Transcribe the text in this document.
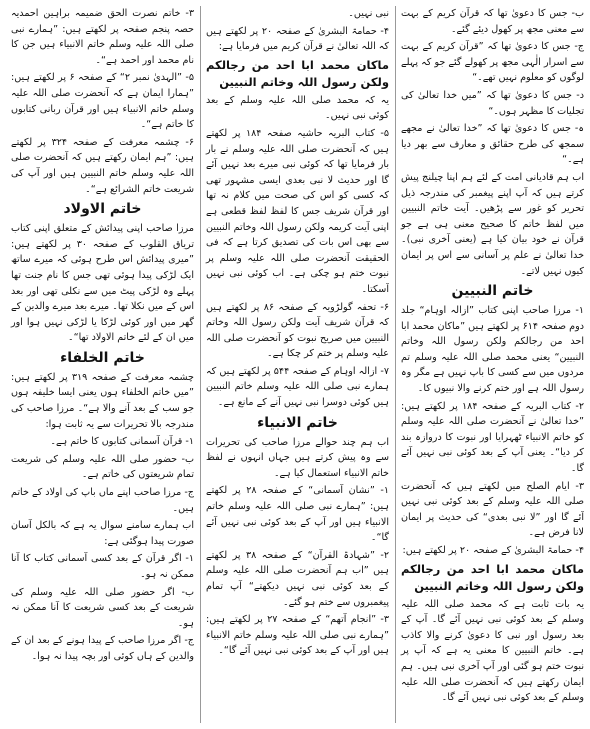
ب- جس کا دعویٰ تھا کہ قرآن کریم کے بہت سے معنی مجھ پر کھول دیئے گئے۔
ج- جس کا دعویٰ تھا کہ ”قرآن کریم کے بہت سے اسرار الٰہی مجھ پر کھولے گئے جو کہ پہلے لوگوں کو معلوم نہیں تھے۔“
د- جس کا دعویٰ تھا کہ ”میں خدا تعالیٰ کی تجلیات کا مظہر ہوں۔“
ہ- جس کا دعویٰ تھا کہ ”خدا تعالیٰ نے مجھے سمجھ کی طرح حقائق و معارف سے بھر دیا ہے۔“
اب ہم قادیانی امت کے لئے ہم اپنا چیلنج پیش کرتے ہیں کہ آپ اپنے پیغمبر کی مندرجہ ذیل تحریر کو غور سے پڑھیں۔ آیت خاتم النبیین میں لفظ خاتم کا صحیح معنی ہی ہے جو قرآن نے خود بیان کیا ہے (یعنی آخری نبی)۔ خدا تعالیٰ نے علم پر آسانی سے اس پر ایمان کیوں نہیں لاتے۔
خاتم النبیین
۱- مرزا صاحب اپنی کتاب ”ازالہ اوہام“ جلد دوم صفحہ ۶۱۴ پر لکھتے ہیں ”ماکان محمد ابا احد من رجالکم ولکن رسول اللہ وخاتم النبیین“ یعنی محمد صلی اللہ علیہ وسلم تم مردوں میں سے کسی کا باپ نہیں ہے مگر وہ رسول اللہ ہے اور ختم کرنے والا نبیوں کا۔
۲- کتاب البریہ کے صفحہ ۱۸۴ پر لکھتے ہیں: ”خدا تعالیٰ نے آنحضرت صلی اللہ علیہ وسلم کو خاتم الانبیاء ٹھہرایا اور نبوت کا دروازہ بند کر دیا“۔ یعنی آپ کے بعد کوئی نبی نہیں آئے گا۔
۳- ایام الصلح میں لکھتے ہیں کہ آنحضرت صلی اللہ علیہ وسلم کے بعد کوئی نبی نہیں آئے گا اور ”لا نبی بعدی“ کی حدیث پر ایمان لانا فرض ہے۔
۴- حمامۃ البشریٰ کے صفحہ ۲۰ پر لکھتے ہیں:
ماکان محمد ابا احد من رجالکم ولکن رسول اللہ وخاتم النبیین
یہ بات ثابت ہے کہ محمد صلی اللہ علیہ وسلم کے بعد کوئی نبی نہیں آئے گا۔ آپ کے بعد رسول اور نبی کا دعویٰ کرنے والا کاذب ہے۔ خاتم النبیین کا معنی یہ ہے کہ آپ پر نبوت ختم ہو گئی اور آپ آخری نبی ہیں۔ ہم ایمان رکھتے ہیں کہ آنحضرت صلی اللہ علیہ وسلم کے بعد کوئی نبی نہیں آئے گا۔
نبی نہیں۔
۴- حمامۃ البشریٰ کے صفحہ ۲۰ پر لکھتے ہیں کہ اللہ تعالیٰ نے قرآن کریم میں فرمایا ہے:
ماکان محمد ابا احد من رجالکم ولکن رسول اللہ وخاتم النبیین
یہ کہ محمد صلی اللہ علیہ وسلم کے بعد کوئی نبی نہیں۔
۵- کتاب البریہ حاشیہ صفحہ ۱۸۴ پر لکھتے ہیں کہ آنحضرت صلی اللہ علیہ وسلم نے بار بار فرمایا تھا کہ کوئی نبی میرے بعد نہیں آئے گا اور حدیث لا نبی بعدی ایسی مشہور تھی کہ کسی کو اس کی صحت میں کلام نہ تھا اور قرآن شریف جس کا لفظ لفظ قطعی ہے اپنی آیت کریمہ ولکن رسول اللہ وخاتم النبیین سے بھی اس بات کی تصدیق کرتا ہے کہ فی الحقیقت آنحضرت صلی اللہ علیہ وسلم پر نبوت ختم ہو چکی ہے۔ اب کوئی نبی نہیں آسکتا۔
۶- تحفہ گولڑویہ کے صفحہ ۸۶ پر لکھتے ہیں کہ قرآن شریف آیت ولکن رسول اللہ وخاتم النبیین میں صریح نبوت کو آنحضرت صلی اللہ علیہ وسلم پر ختم کر چکا ہے۔
۷- ازالہ اوہام کے صفحہ ۵۴۴ پر لکھتے ہیں کہ ہمارے نبی صلی اللہ علیہ وسلم خاتم النبیین ہیں کوئی دوسرا نبی نہیں آنے کے مانع ہے۔
خاتم الانبیاء
اب ہم چند حوالے مرزا صاحب کی تحریرات سے وہ پیش کرتے ہیں جہاں انہوں نے لفظ خاتم الانبیاء استعمال کیا ہے۔
۱- ”نشان آسمانی“ کے صفحہ ۲۸ پر لکھتے ہیں: ”ہمارے نبی صلی اللہ علیہ وسلم خاتم الانبیاء ہیں اور آپ کے بعد کوئی نبی نہیں آئے گا“۔
۲- ”شہادۃ القرآن“ کے صفحہ ۳۸ پر لکھتے ہیں ”اب ہم آنحضرت صلی اللہ علیہ وسلم کے بعد کوئی نبی نہیں دیکھتے“ آپ تمام پیغمبروں سے ختم ہو گئے۔
۳- ”انجام آتھم“ کے صفحہ ۲۷ پر لکھتے ہیں: ”ہمارے نبی صلی اللہ علیہ وسلم خاتم الانبیاء ہیں اور آپ کے بعد کوئی نبی نہیں آئے گا“۔
۳- خاتم نصرت الحق ضمیمہ براہین احمدیہ حصہ پنجم صفحہ پر لکھتے ہیں: ”ہمارے نبی صلی اللہ علیہ وسلم خاتم الانبیاء ہیں جن کا نام محمد اور احمد ہے“۔
۵- ”الہدیٰ نمبر ۲“ کے صفحہ ۶ پر لکھتے ہیں: ”ہمارا ایمان ہے کہ آنحضرت صلی اللہ علیہ وسلم خاتم الانبیاء ہیں اور قرآن ربانی کتابوں کا خاتم ہے“۔
۶- چشمہ معرفت کے صفحہ ۳۲۴ پر لکھتے ہیں: ”ہم ایمان رکھتے ہیں کہ آنحضرت صلی اللہ علیہ وسلم خاتم النبیین ہیں اور آپ کی شریعت خاتم الشرائع ہے“۔
خاتم الاولاد
مرزا صاحب اپنی پیدائش کے متعلق اپنی کتاب تریاق القلوب کے صفحہ ۳۰ پر لکھتے ہیں: ”میری پیدائش اس طرح ہوئی کہ میرے ساتھ ایک لڑکی پیدا ہوئی تھی جس کا نام جنت تھا پہلے وہ لڑکی پیٹ میں سے نکلی تھی اور بعد اس کے میں نکلا تھا۔ میرے بعد میرے والدین کے گھر میں اور کوئی لڑکا یا لڑکی نہیں ہوا اور میں ان کے لئے خاتم الاولاد تھا“۔
خاتم الخلفاء
چشمہ معرفت کے صفحہ ۳۱۹ پر لکھتے ہیں: ”میں خاتم الخلفاء ہوں یعنی ایسا خلیفہ ہوں جو سب کے بعد آنے والا ہے“۔ مرزا صاحب کی مندرجہ بالا تحریرات سے یہ ثابت ہوا:
۱- قرآن آسمانی کتابوں کا خاتم ہے۔
ب- حضور صلی اللہ علیہ وسلم کی شریعت تمام شریعتوں کی خاتم ہے۔
ج- مرزا صاحب اپنے ماں باپ کی اولاد کے خاتم ہیں۔
اب ہمارے سامنے سوال یہ ہے کہ بالکل آسان صورت پیدا ہوگئی ہے:
۱- اگر قرآن کے بعد کسی آسمانی کتاب کا آنا ممکن نہ ہو۔
ب- اگر حضور صلی اللہ علیہ وسلم کی شریعت کے بعد کسی شریعت کا آنا ممکن نہ ہو۔
ج- اگر مرزا صاحب کے پیدا ہونے کے بعد ان کے والدین کے ہاں کوئی اور بچہ پیدا نہ ہوا۔
